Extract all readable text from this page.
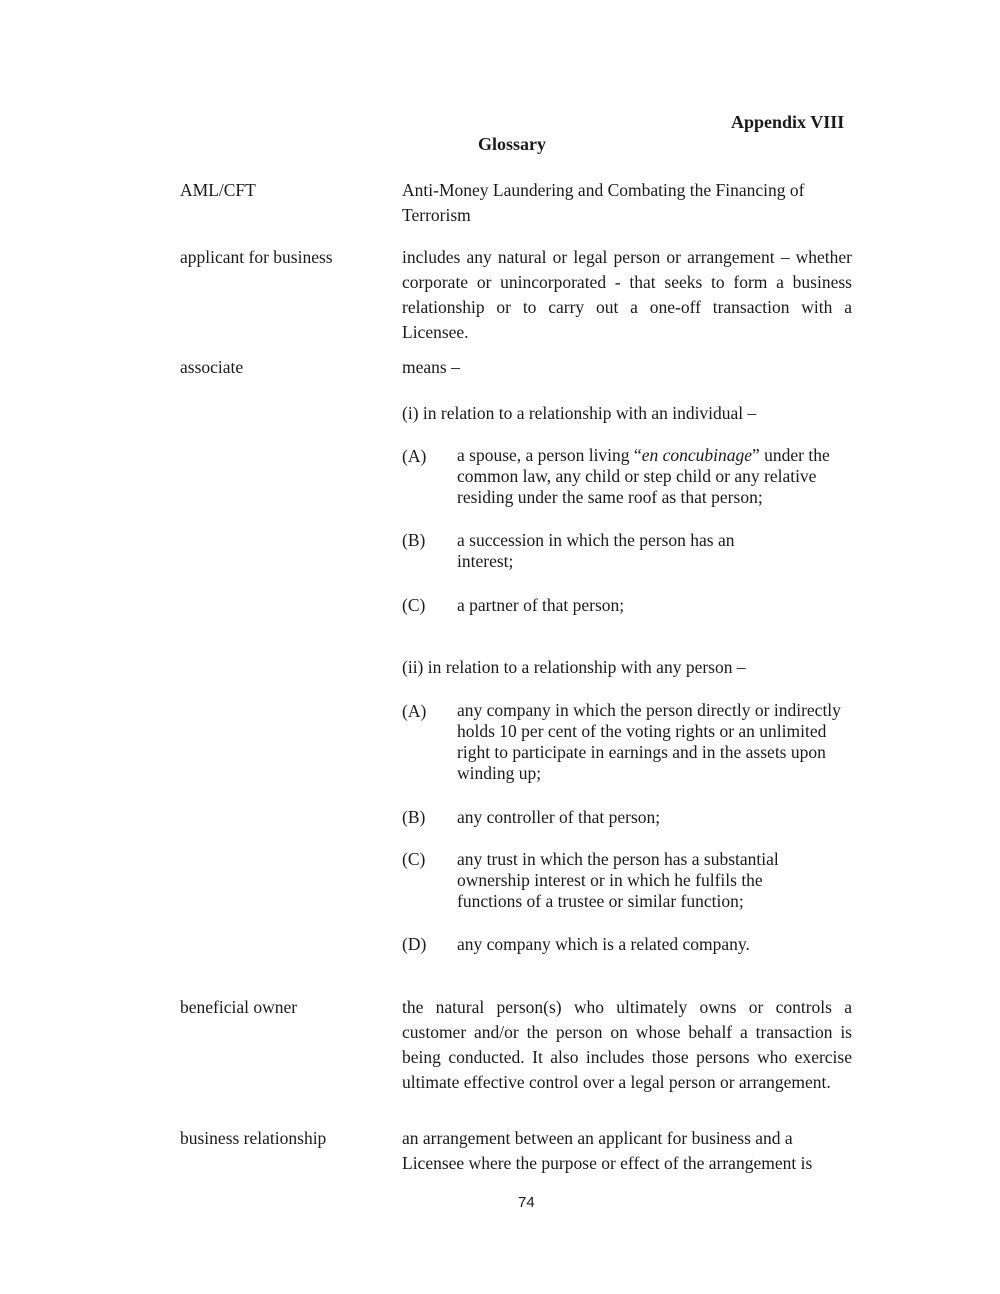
Appendix VIII
Glossary
AML/CFT	Anti-Money Laundering and Combating the Financing of Terrorism
applicant for business	includes any natural or legal person or arrangement – whether corporate or unincorporated - that seeks to form a business relationship or to carry out a one-off transaction with a Licensee.
associate	means –
(i) in relation to a relationship with an individual –
(A) a spouse, a person living “en concubinage” under the common law, any child or step child or any relative residing under the same roof as that person;
(B) a succession in which the person has an interest;
(C) a partner of that person;
(ii) in relation to a relationship with any person –
(A) any company in which the person directly or indirectly holds 10 per cent of the voting rights or an unlimited right to participate in earnings and in the assets upon winding up;
(B) any controller of that person;
(C) any trust in which the person has a substantial ownership interest or in which he fulfils the functions of a trustee or similar function;
(D) any company which is a related company.
beneficial owner	the natural person(s) who ultimately owns or controls a customer and/or the person on whose behalf a transaction is being conducted. It also includes those persons who exercise ultimate effective control over a legal person or arrangement.
business relationship	an arrangement between an applicant for business and a Licensee where the purpose or effect of the arrangement is
74
